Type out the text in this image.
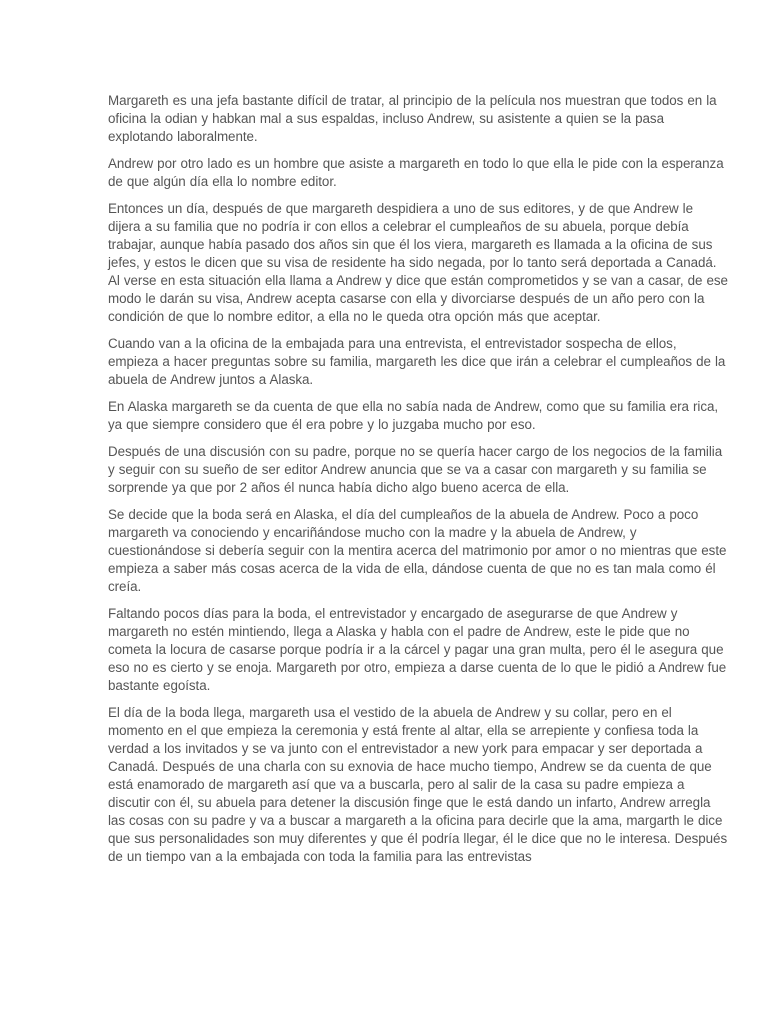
Margareth es una jefa bastante difícil de tratar, al principio de la película nos muestran que todos en la oficina la odian y habkan mal a sus espaldas, incluso Andrew, su asistente a quien se la pasa explotando laboralmente.

Andrew por otro lado es un hombre que asiste a margareth en todo lo que ella le pide con la esperanza de que algún día ella lo nombre editor.

Entonces un día, después de que margareth despidiera a uno de sus editores, y de que Andrew le dijera a su familia que no podría ir con ellos a celebrar el cumpleaños de su abuela, porque debía trabajar, aunque había pasado dos años sin que él los viera, margareth es llamada a la oficina de sus jefes, y estos le dicen que su visa de residente ha sido negada, por lo tanto será deportada a Canadá. Al verse en esta situación ella llama a Andrew y dice que están comprometidos y se van a casar, de ese modo le darán su visa, Andrew acepta casarse con ella y divorciarse después de un año pero con la condición de que lo nombre editor, a ella no le queda otra opción más que aceptar.

Cuando van a la oficina de la embajada para una entrevista, el entrevistador sospecha de ellos, empieza a hacer preguntas sobre su familia, margareth les dice que irán a celebrar el cumpleaños de la abuela de Andrew juntos a Alaska.

En Alaska margareth se da cuenta de que ella no sabía nada de Andrew, como que su familia era rica, ya que siempre considero que él era pobre y lo juzgaba mucho por eso.

Después de una discusión con su padre, porque no se quería hacer cargo de los negocios de la familia y seguir con su sueño de ser editor Andrew anuncia que se va a casar con margareth y su familia se sorprende ya que por 2 años él nunca había dicho algo bueno acerca de ella.

Se decide que la boda será en Alaska, el día del cumpleaños de la abuela de Andrew. Poco a poco margareth va conociendo y encariñándose mucho con la madre y la abuela de Andrew, y cuestionándose si debería seguir con la mentira acerca del matrimonio por amor o no mientras que este empieza a saber más cosas acerca de la vida de ella, dándose cuenta de que no es tan mala como él creía.

Faltando pocos días para la boda, el entrevistador y encargado de asegurarse de que Andrew y margareth no estén mintiendo, llega a Alaska y habla con el padre de Andrew, este le pide que no cometa la locura de casarse porque podría ir a la cárcel y pagar una gran multa, pero él le asegura que eso no es cierto y se enoja. Margareth por otro, empieza a darse cuenta de lo que le pidió a Andrew fue bastante egoísta.

El día de la boda llega, margareth usa el vestido de la abuela de Andrew y su collar, pero en el momento en el que empieza la ceremonia y está frente al altar, ella se arrepiente y confiesa toda la verdad a los invitados y se va junto con el entrevistador a new york para empacar y ser deportada a Canadá. Después de una charla con su exnovia de hace mucho tiempo, Andrew se da cuenta de que está enamorado de margareth así que va a buscarla, pero al salir de la casa su padre empieza a discutir con él, su abuela para detener la discusión finge que le está dando un infarto, Andrew arregla las cosas con su padre y va a buscar a margareth a la oficina para decirle que la ama, margarth le dice que sus personalidades son muy diferentes y que él podría llegar, él le dice que no le interesa. Después de un tiempo van a la embajada con toda la familia para las entrevistas
